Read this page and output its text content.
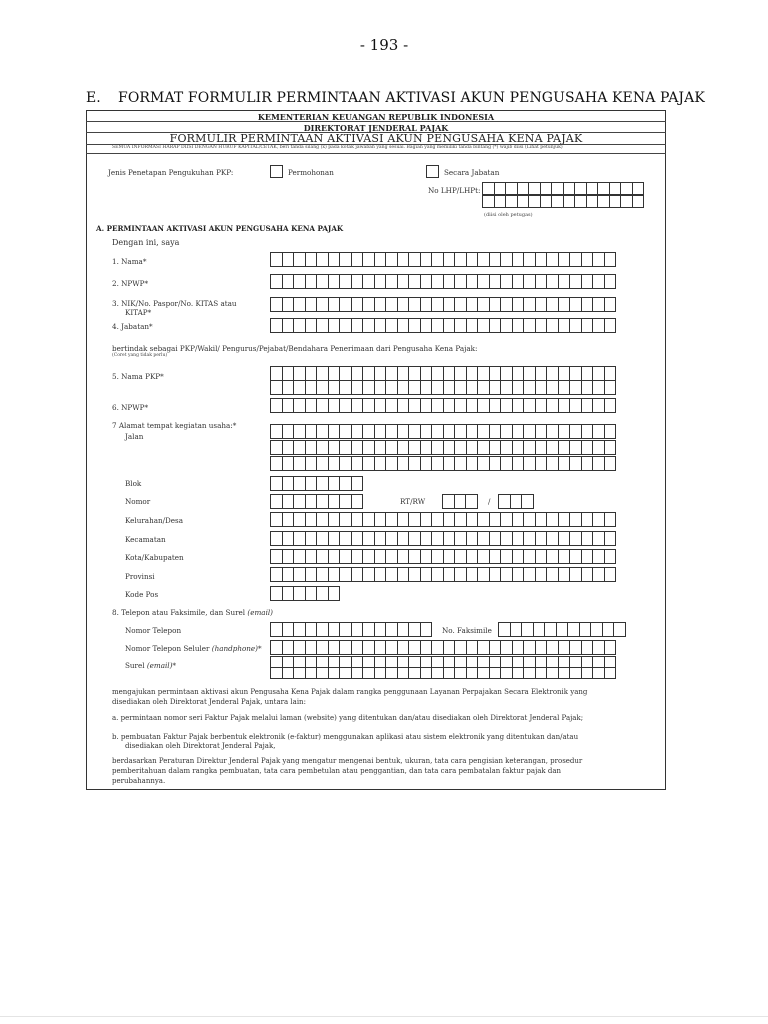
- 193 -
E. FORMAT FORMULIR PERMINTAAN AKTIVASI AKUN PENGUSAHA KENA PAJAK
KEMENTERIAN KEUANGAN REPUBLIK INDONESIA
DIREKTORAT JENDERAL PAJAK
FORMULIR PERMINTAAN AKTIVASI AKUN PENGUSAHA KENA PAJAK
SEMUA INFORMASI HARAP DIISI DENGAN HURUF KAPITAL/CETAK, beri tanda silang (x) pada kotak jawaban yang sesuai. Bagian yang memiliki tanda bintang (*) wajib diisi (Lihat petunjuk)
Jenis Penetapan Pengukuhan PKP:	Permohonan	Secara Jabatan
No LHP/LHPt:
(diisi oleh petugas)
A. PERMINTAAN AKTIVASI AKUN PENGUSAHA KENA PAJAK
Dengan ini, saya
1. Nama*
2. NPWP*
3. NIK/No. Paspor/No. KITAS atau
KITAP*
4. Jabatan*
bertindak sebagai PKP/Wakil/ Pengurus/Pejabat/Bendahara Penerimaan dari Pengusaha Kena Pajak:
(Coret yang tidak perlu)
5. Nama PKP*
6. NPWP*
7 Alamat tempat kegiatan usaha:*
Jalan
Blok
Nomor	RT/RW	/
Kelurahan/Desa
Kecamatan
Kota/Kabupaten
Provinsi
Kode Pos
8. Telepon atau Faksimile, dan Surel (email)
Nomor Telepon	No. Faksimile
Nomor Telepon Seluler (handphone)*
Surel (email)*
mengajukan permintaan aktivasi akun Pengusaha Kena Pajak dalam rangka penggunaan Layanan Perpajakan Secara Elektronik yang
disediakan oleh Direktorat Jenderal Pajak, untara lain:
a. permintaan nomor seri Faktur Pajak melalui laman (website) yang ditentukan dan/atau disediakan oleh Direktorat Jenderal Pajak;
b. pembuatan Faktur Pajak berbentuk elektronik (e-faktur) menggunakan aplikasi atau sistem elektronik yang ditentukan dan/atau
disediakan oleh Direktorat Jenderal Pajak,
berdasarkan Peraturan Direktur Jenderal Pajak yang mengatur mengenai bentuk, ukuran, tata cara pengisian keterangan, prosedur
pemberitahuan dalam rangka pembuatan, tata cara pembetulan atau penggantian, dan tata cara pembatalan faktur pajak dan
perubahannya.
